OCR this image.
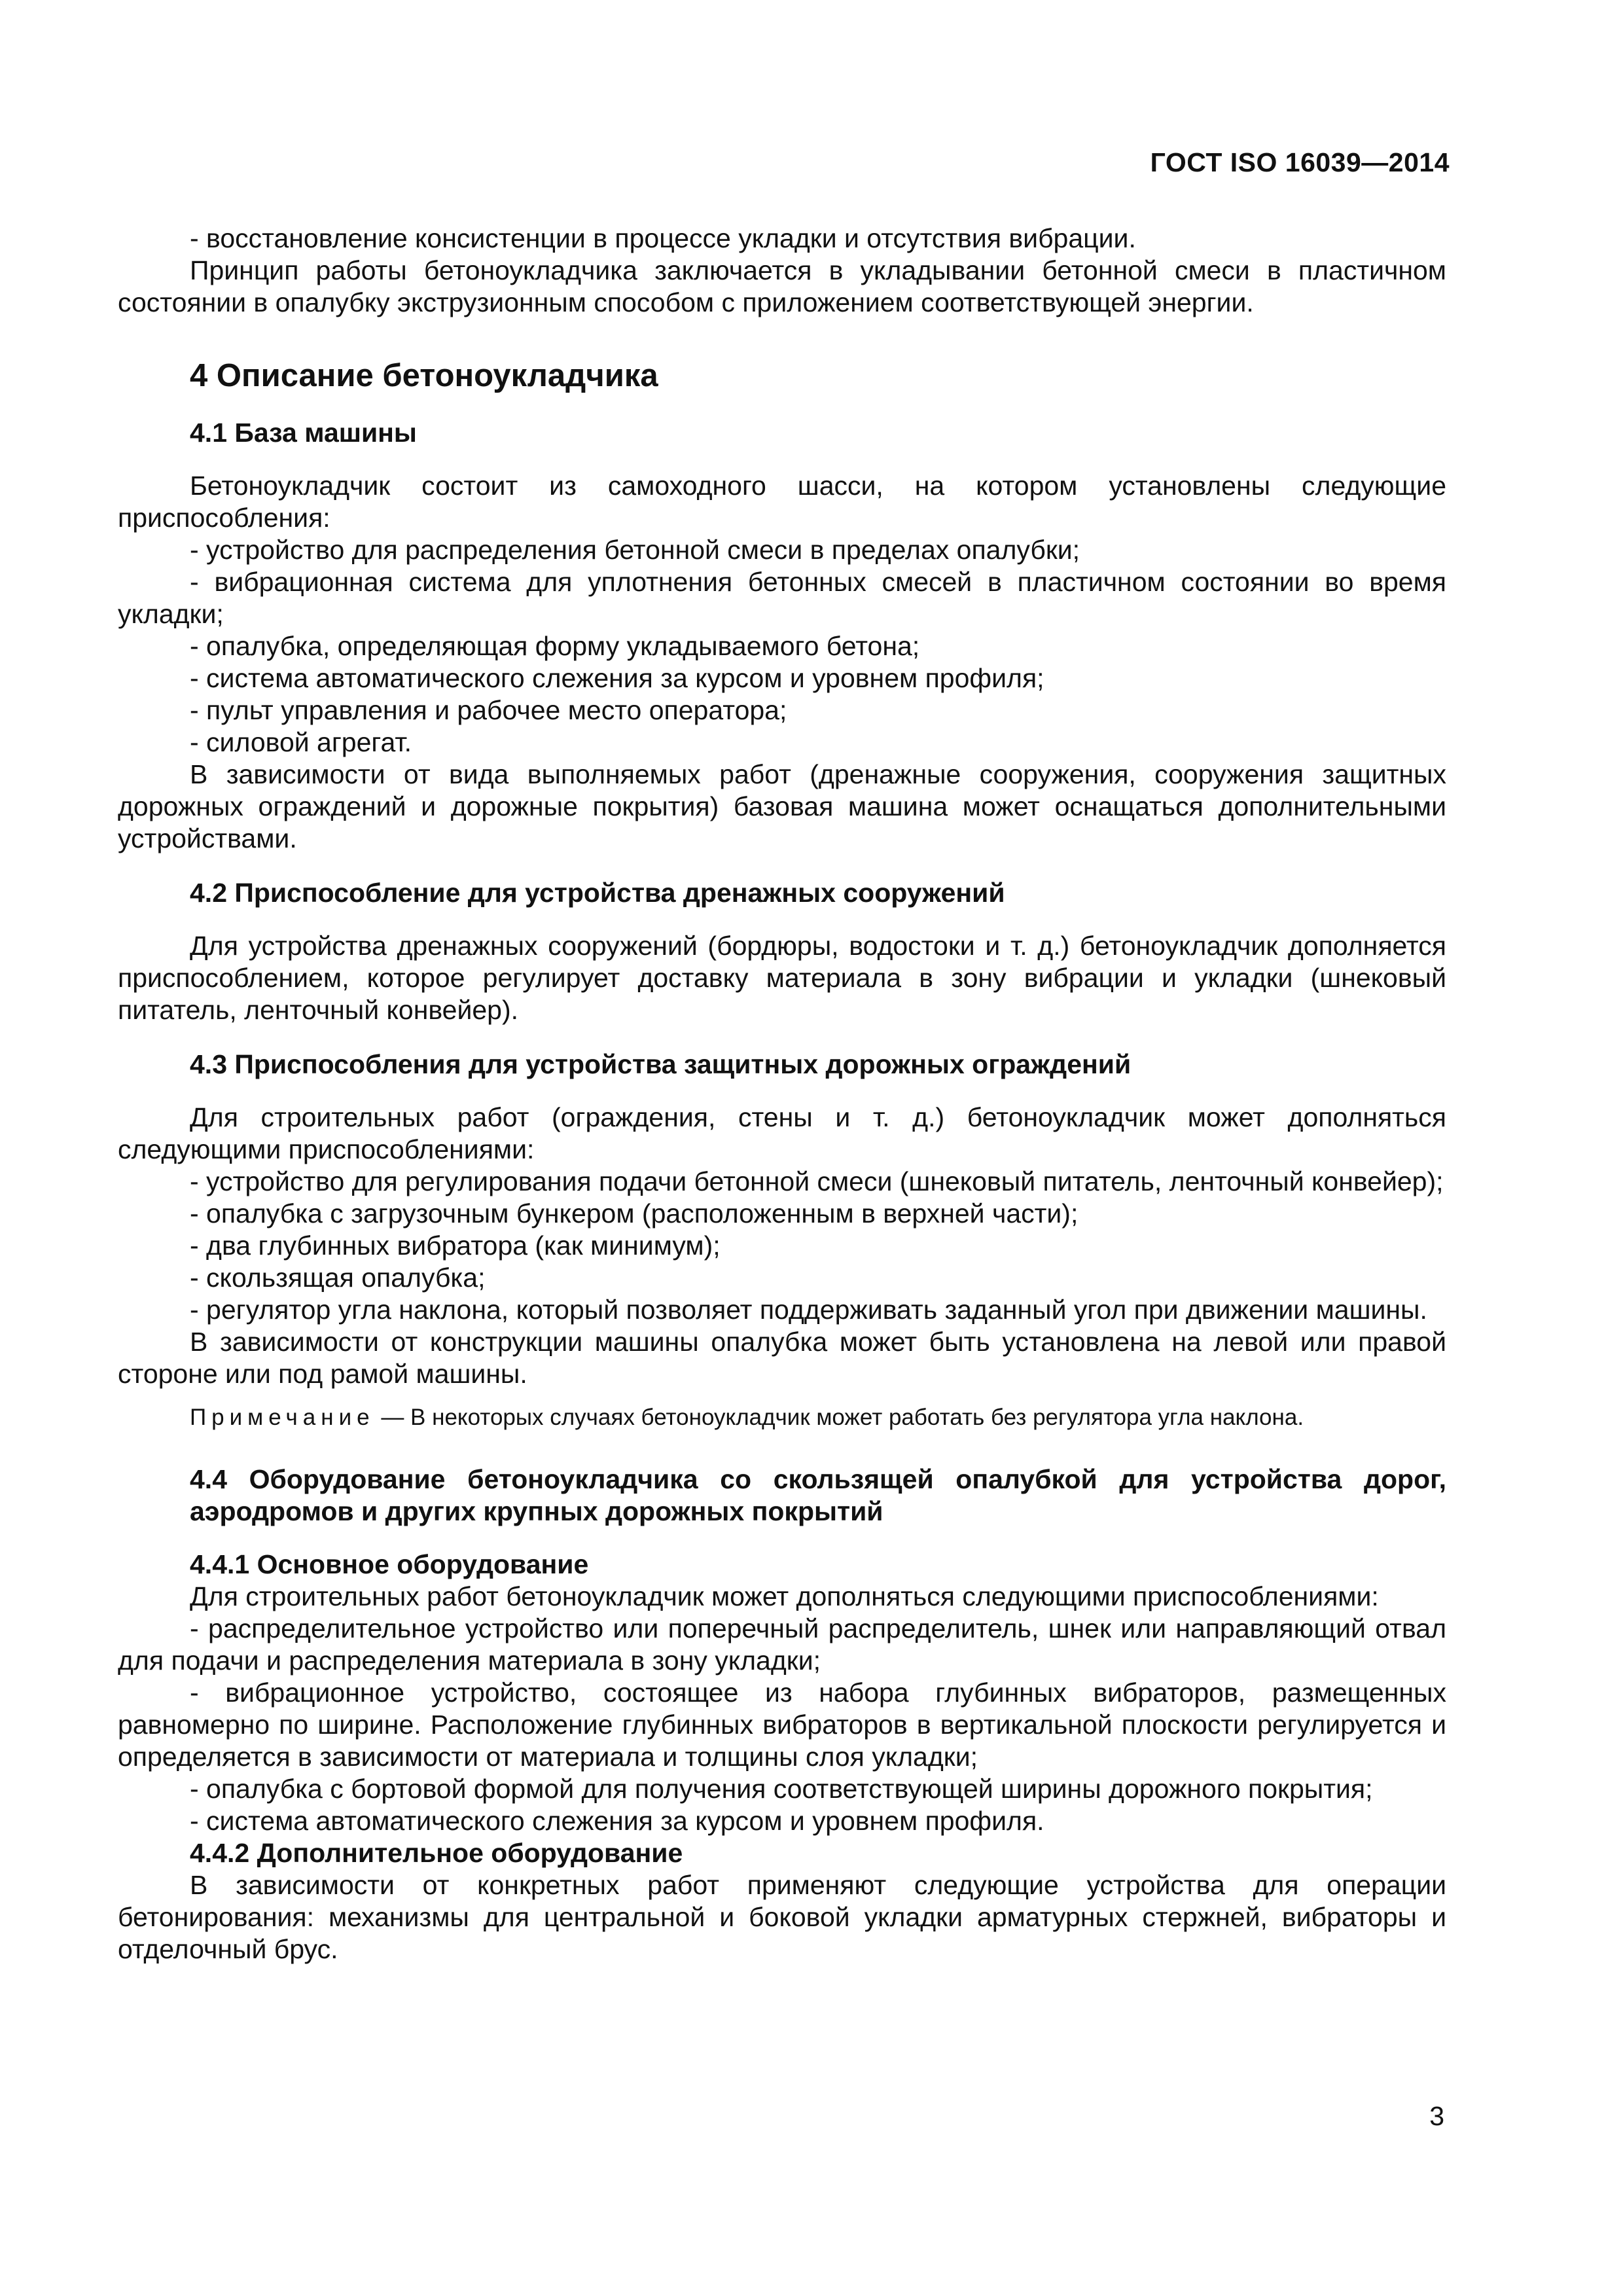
ГОСТ ISO 16039—2014

- восстановление консистенции в процессе укладки и отсутствия вибрации.

Принцип работы бетоноукладчика заключается в укладывании бетонной смеси в пластичном состоянии в опалубку экструзионным способом с приложением соответствующей энергии.

4 Описание бетоноукладчика
4.1 База машины

Бетоноукладчик состоит из самоходного шасси, на котором установлены следующие приспособления:

- устройство для распределения бетонной смеси в пределах опалубки;

- вибрационная система для уплотнения бетонных смесей в пластичном состоянии во время укладки;

- опалубка, определяющая форму укладываемого бетона;

- система автоматического слежения за курсом и уровнем профиля;

- пульт управления и рабочее место оператора;

- силовой агрегат.

В зависимости от вида выполняемых работ (дренажные сооружения, сооружения защитных дорожных ограждений и дорожные покрытия) базовая машина может оснащаться дополнительными устройствами.

4.2 Приспособление для устройства дренажных сооружений

Для устройства дренажных сооружений (бордюры, водостоки и т. д.) бетоноукладчик дополняется приспособлением, которое регулирует доставку материала в зону вибрации и укладки (шнековый питатель, ленточный конвейер).

4.3 Приспособления для устройства защитных дорожных ограждений

Для строительных работ (ограждения, стены и т. д.) бетоноукладчик может дополняться следующими приспособлениями:

- устройство для регулирования подачи бетонной смеси (шнековый питатель, ленточный конвейер);

- опалубка с загрузочным бункером (расположенным в верхней части);

- два глубинных вибратора (как минимум);

- скользящая опалубка;

- регулятор угла наклона, который позволяет поддерживать заданный угол при движении машины.

В зависимости от конструкции машины опалубка может быть установлена на левой или правой стороне или под рамой машины.

Примечание — В некоторых случаях бетоноукладчик может работать без регулятора угла наклона.
4.4 Оборудование бетоноукладчика со скользящей опалубкой для устройства дорог, аэродромов и других крупных дорожных покрытий
4.4.1 Основное оборудование

Для строительных работ бетоноукладчик может дополняться следующими приспособлениями:

- распределительное устройство или поперечный распределитель, шнек или направляющий отвал для подачи и распределения материала в зону укладки;

- вибрационное устройство, состоящее из набора глубинных вибраторов, размещенных равномерно по ширине. Расположение глубинных вибраторов в вертикальной плоскости регулируется и определяется в зависимости от материала и толщины слоя укладки;

- опалубка с бортовой формой для получения соответствующей ширины дорожного покрытия;

- система автоматического слежения за курсом и уровнем профиля.

4.4.2 Дополнительное оборудование

В зависимости от конкретных работ применяют следующие устройства для операции бетонирования: механизмы для центральной и боковой укладки арматурных стержней, вибраторы и отделочный брус.

3
